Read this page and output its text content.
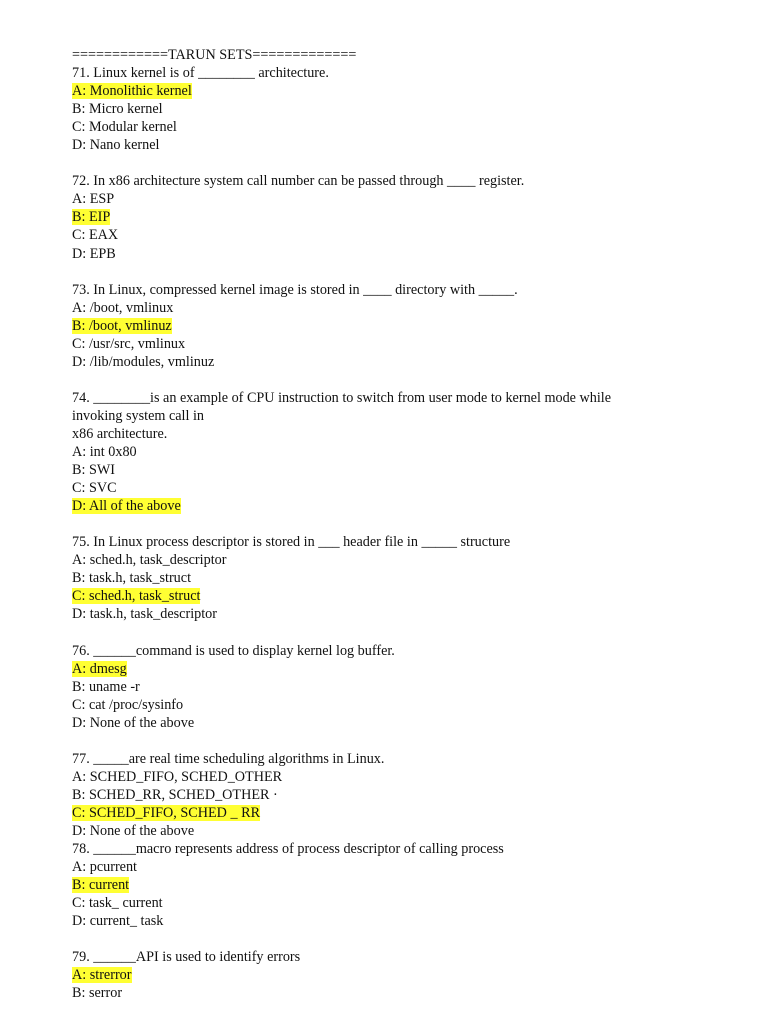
============TARUN SETS=============
71. Linux kernel is of ________ architecture.
A: Monolithic kernel
B: Micro kernel
C: Modular kernel
D: Nano kernel
72. In x86 architecture system call number can be passed through ____ register.
A: ESP
B: EIP
C: EAX
D: EPB
73. In Linux, compressed kernel image is stored in ____ directory with _____.
A: /boot, vmlinux
B: /boot, vmlinuz
C: /usr/src, vmlinux
D: /lib/modules, vmlinuz
74. ________is an example of CPU instruction to switch from user mode to kernel mode while
invoking system call in
x86 architecture.
A: int 0x80
B: SWI
C: SVC
D: All of the above
75. In Linux process descriptor is stored in ___ header file in _____ structure
A: sched.h, task_descriptor
B: task.h, task_struct
C: sched.h, task_struct
D: task.h, task_descriptor
76. ______command is used to display kernel log buffer.
A: dmesg
B: uname -r
C: cat /proc/sysinfo
D: None of the above
77. _____are real time scheduling algorithms in Linux.
A: SCHED_FIFO, SCHED_OTHER
B: SCHED_RR, SCHED_OTHER ·
C: SCHED_FIFO, SCHED _ RR
D: None of the above
78. ______macro represents address of process descriptor of calling process
A: pcurrent
B: current
C: task_ current
D: current_ task
79. ______API is used to identify errors
A: strerror
B: serror
